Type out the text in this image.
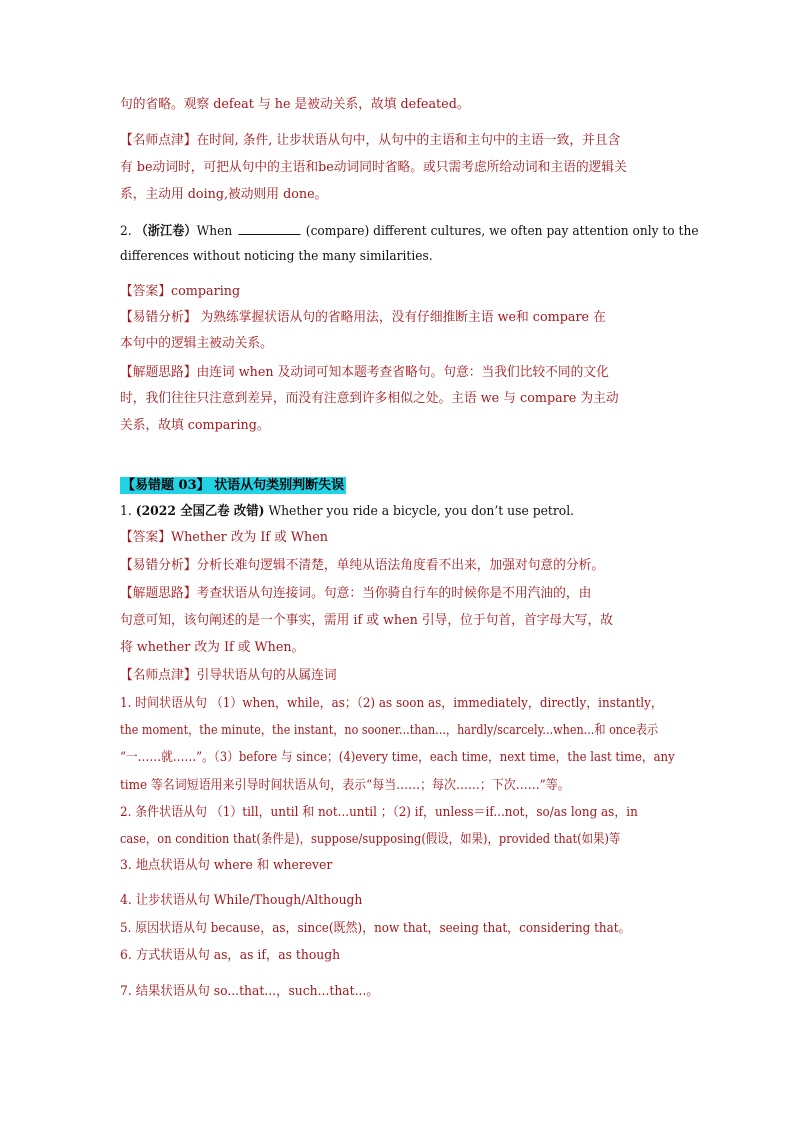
句的省略。观察 defeat 与 he 是被动关系，故填 defeated。
【名师点津】在时间, 条件, 让步状语从句中，从句中的主语和主句中的主语一致，并且含
有 be动词时，可把从句中的主语和be动词同时省略。或只需考虑所给动词和主语的逻辑关
系，主动用 doing,被动则用 done。
2. （浙江卷）When	(compare) different cultures, we often pay attention only to the
differences without noticing the many similarities.
【答案】comparing
【易错分析】 为熟练掌握状语从句的省略用法，没有仔细推断主语 we和 compare 在
本句中的逻辑主被动关系。
【解题思路】由连词 when 及动词可知本题考查省略句。句意：当我们比较不同的文化
时，我们往往只注意到差异，而没有注意到许多相似之处。主语 we 与 compare 为主动
关系，故填 comparing。
【易错题 03】 状语从句类别判断失误
1. (2022 全国乙卷 改错) Whether you ride a bicycle, you don’t use petrol.
【答案】Whether 改为 If 或 When
【易错分析】分析长难句逻辑不清楚，单纯从语法角度看不出来，加强对句意的分析。
【解题思路】考查状语从句连接词。句意：当你骑自行车的时候你是不用汽油的，由
句意可知，该句阐述的是一个事实，需用 if 或 when 引导，位于句首，首字母大写，故
将 whether 改为 If 或 When。
【名师点津】引导状语从句的从属连词
1. 时间状语从句 （1）when，while，as；（2) as soon as，immediately，directly，instantly，
the moment，the minute，the instant，no sooner...than...，hardly/scarcely...when...和 once表示
“一……就……”。（3）before 与 since；(4)every time，each time，next time，the last time，any
time 等名词短语用来引导时间状语从句，表示“每当……；每次……；下次……”等。
2. 条件状语从句 （1）till，until 和 not...until ；（2) if，unless＝if...not，so/as long as，in
case，on condition that(条件是)，suppose/supposing(假设，如果)，provided that(如果)等
3. 地点状语从句 where 和 wherever
4. 让步状语从句 While/Though/Although
5. 原因状语从句 because，as，since(既然)，now that，seeing that，considering that。
6. 方式状语从句 as，as if，as though
7. 结果状语从句 so...that...，such...that...。
